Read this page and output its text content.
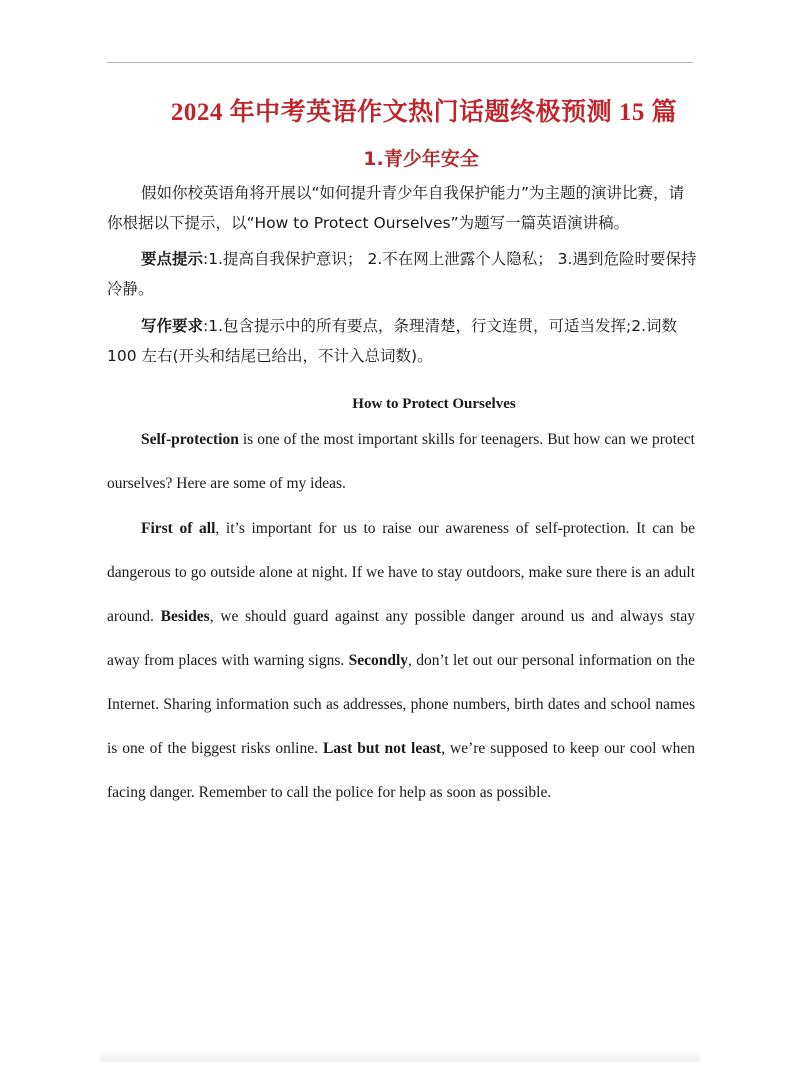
2024 年中考英语作文热门话题终极预测 15 篇
1.青少年安全
假如你校英语角将开展以“如何提升青少年自我保护能力”为主题的演讲比赛，请你根据以下提示，以“How to Protect Ourselves”为题写一篇英语演讲稿。
要点提示:1.提高自我保护意识； 2.不在网上泄露个人隐私； 3.遇到危险时要保持冷静。
写作要求:1.包含提示中的所有要点，条理清楚，行文连贯，可适当发挥;2.词数 100 左右(开头和结尾已给出，不计入总词数)。
How to Protect Ourselves
Self-protection is one of the most important skills for teenagers. But how can we protect ourselves? Here are some of my ideas.
First of all, it’s important for us to raise our awareness of self-protection. It can be dangerous to go outside alone at night. If we have to stay outdoors, make sure there is an adult around. Besides, we should guard against any possible danger around us and always stay away from places with warning signs. Secondly, don’t let out our personal information on the Internet. Sharing information such as addresses, phone numbers, birth dates and school names is one of the biggest risks online. Last but not least, we’re supposed to keep our cool when facing danger. Remember to call the police for help as soon as possible.
